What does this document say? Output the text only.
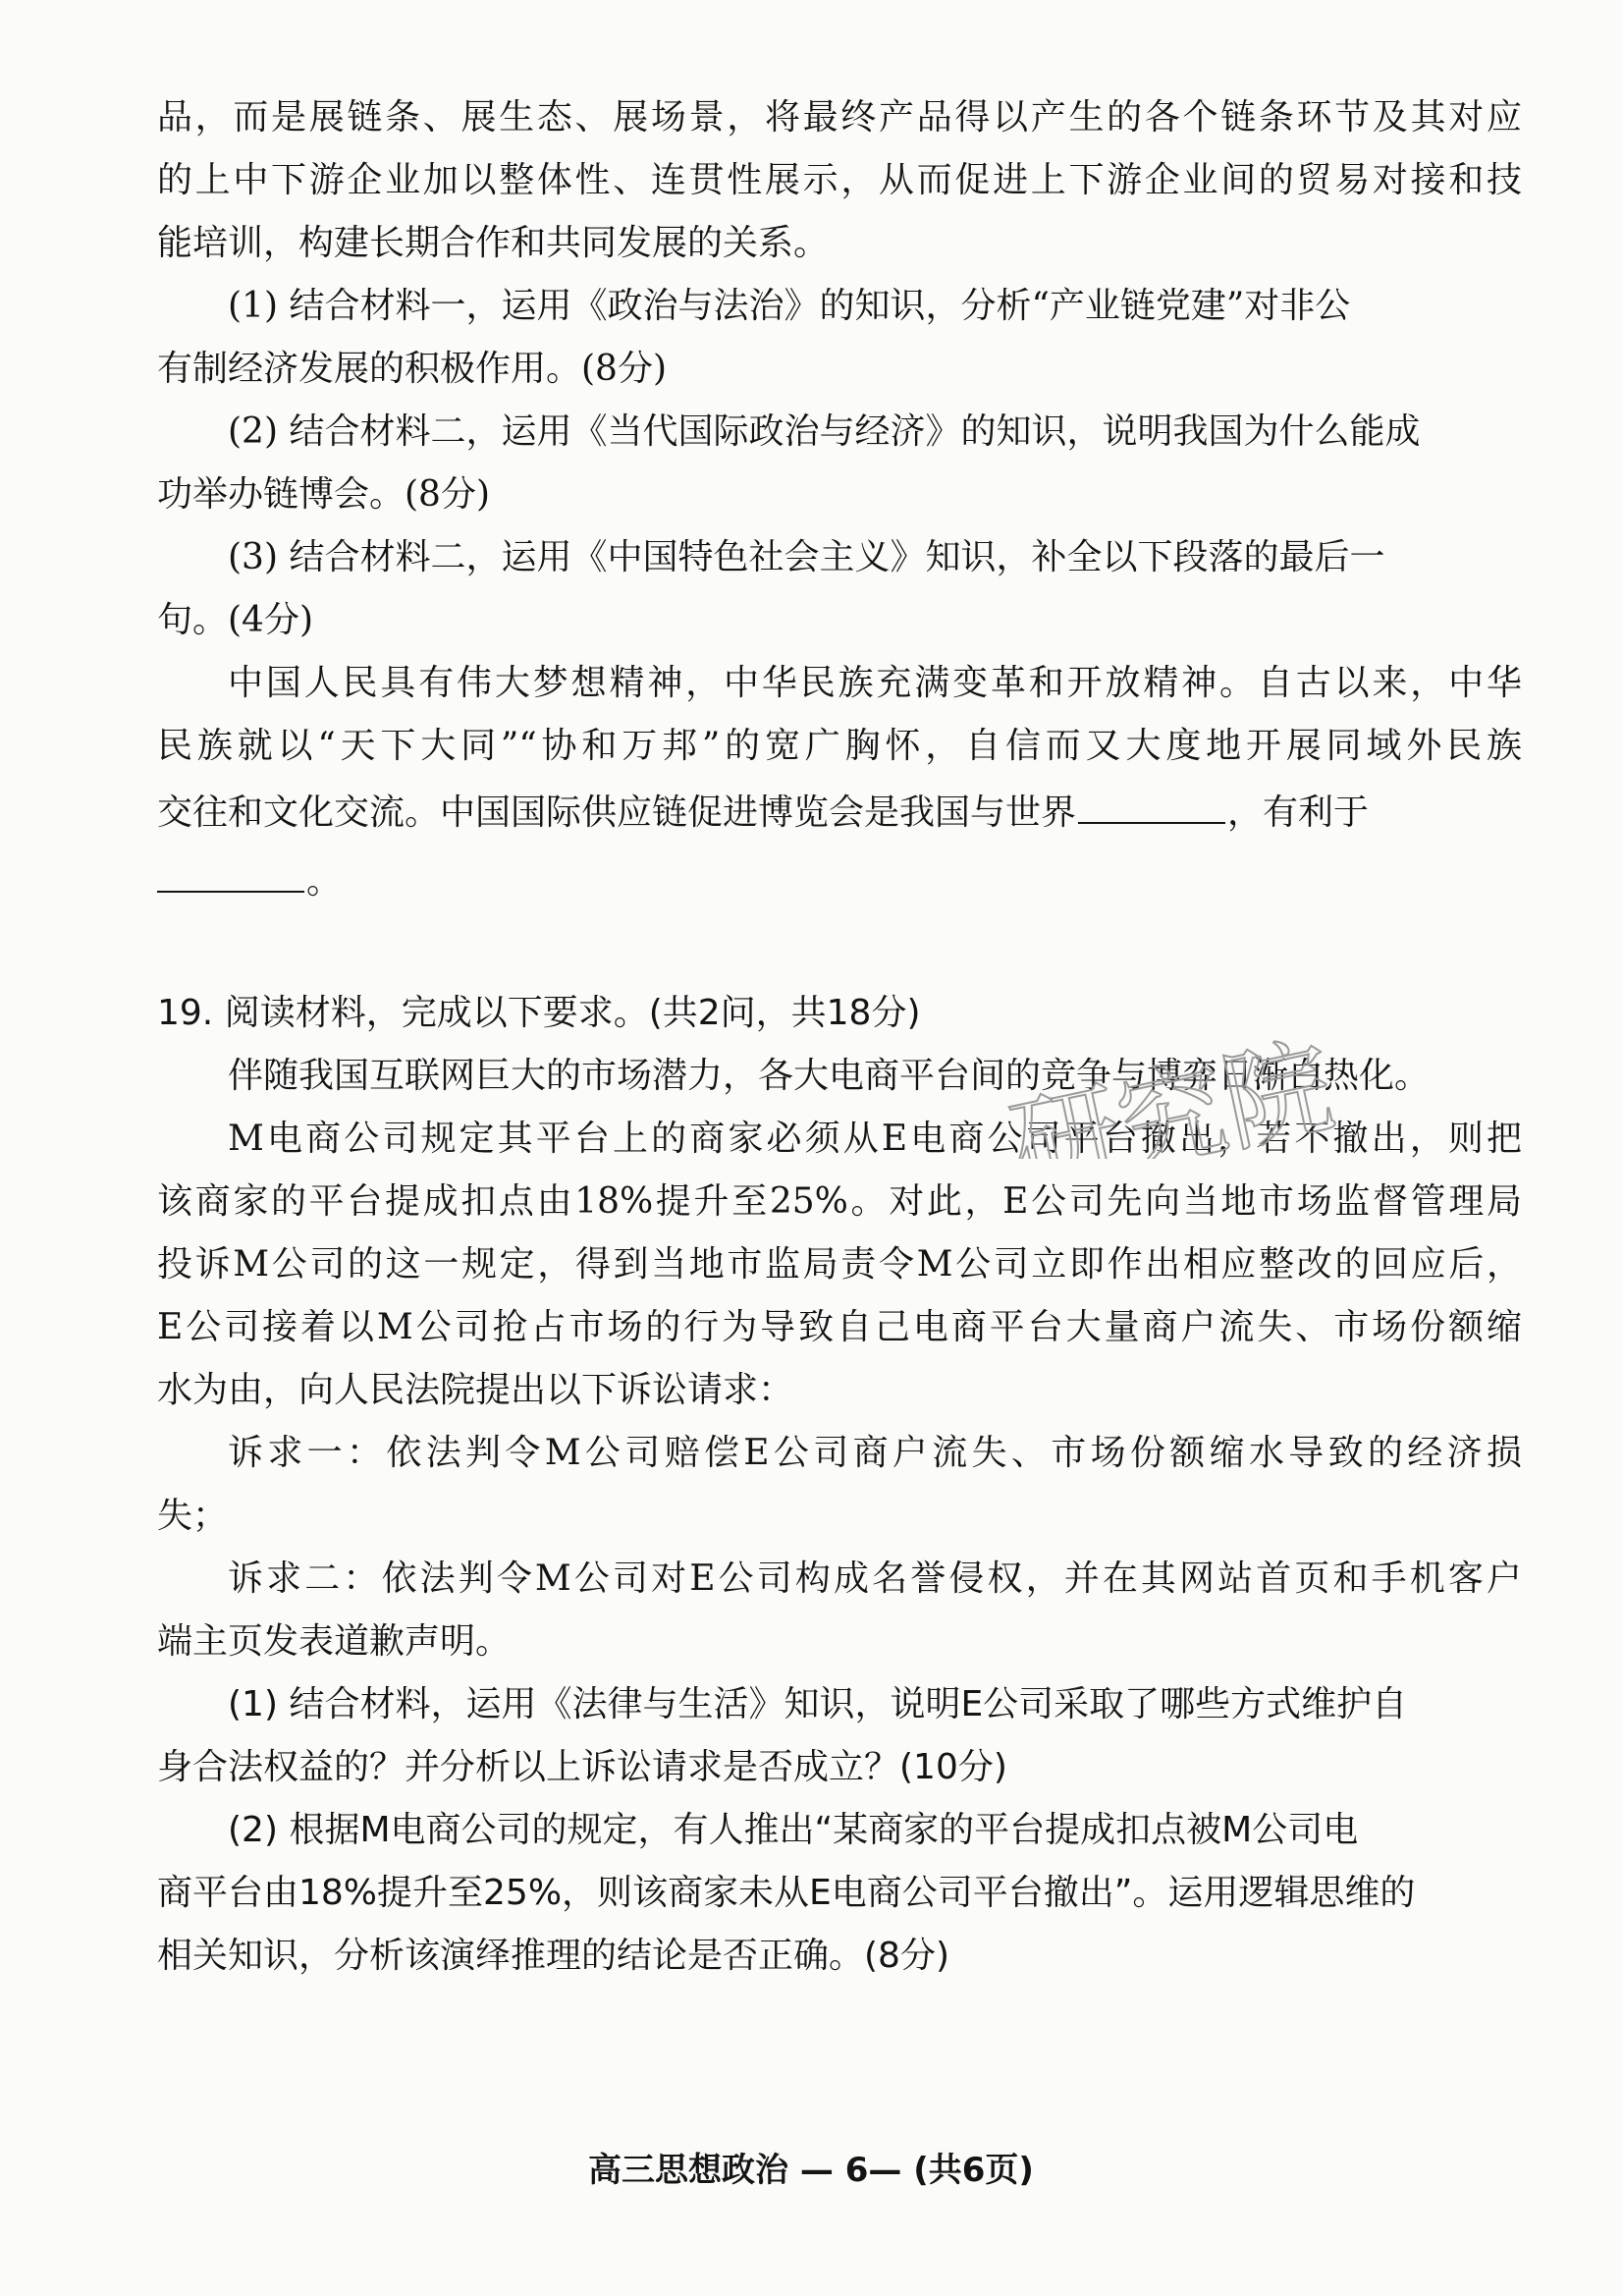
品，而是展链条、展生态、展场景，将最终产品得以产生的各个链条环节及其对应
的上中下游企业加以整体性、连贯性展示，从而促进上下游企业间的贸易对接和技
能培训，构建长期合作和共同发展的关系。
(1) 结合材料一，运用《政治与法治》的知识，分析“产业链党建”对非公
有制经济发展的积极作用。(8分)
(2) 结合材料二，运用《当代国际政治与经济》的知识，说明我国为什么能成
功举办链博会。(8分)
(3) 结合材料二，运用《中国特色社会主义》知识，补全以下段落的最后一
句。(4分)
中国人民具有伟大梦想精神，中华民族充满变革和开放精神。自古以来，中华
民族就以“天下大同”“协和万邦”的宽广胸怀，自信而又大度地开展同域外民族
交往和文化交流。中国国际供应链促进博览会是我国与世界	，有利于
。
19. 阅读材料，完成以下要求。(共2问，共18分)
伴随我国互联网巨大的市场潜力，各大电商平台间的竞争与博弈日渐白热化。
M电商公司规定其平台上的商家必须从E电商公司平台撤出，若不撤出，则把
该商家的平台提成扣点由18%提升至25%。对此，E公司先向当地市场监督管理局
投诉M公司的这一规定，得到当地市监局责令M公司立即作出相应整改的回应后，
E公司接着以M公司抢占市场的行为导致自己电商平台大量商户流失、市场份额缩
水为由，向人民法院提出以下诉讼请求：
诉求一：依法判令M公司赔偿E公司商户流失、市场份额缩水导致的经济损
失；
诉求二：依法判令M公司对E公司构成名誉侵权，并在其网站首页和手机客户
端主页发表道歉声明。
(1) 结合材料，运用《法律与生活》知识，说明E公司采取了哪些方式维护自
身合法权益的？并分析以上诉讼请求是否成立？(10分)
(2) 根据M电商公司的规定，有人推出“某商家的平台提成扣点被M公司电
商平台由18%提升至25%，则该商家未从E电商公司平台撤出”。运用逻辑思维的
相关知识，分析该演绎推理的结论是否正确。(8分)
研究院
高三思想政治 — 6— (共6页)
